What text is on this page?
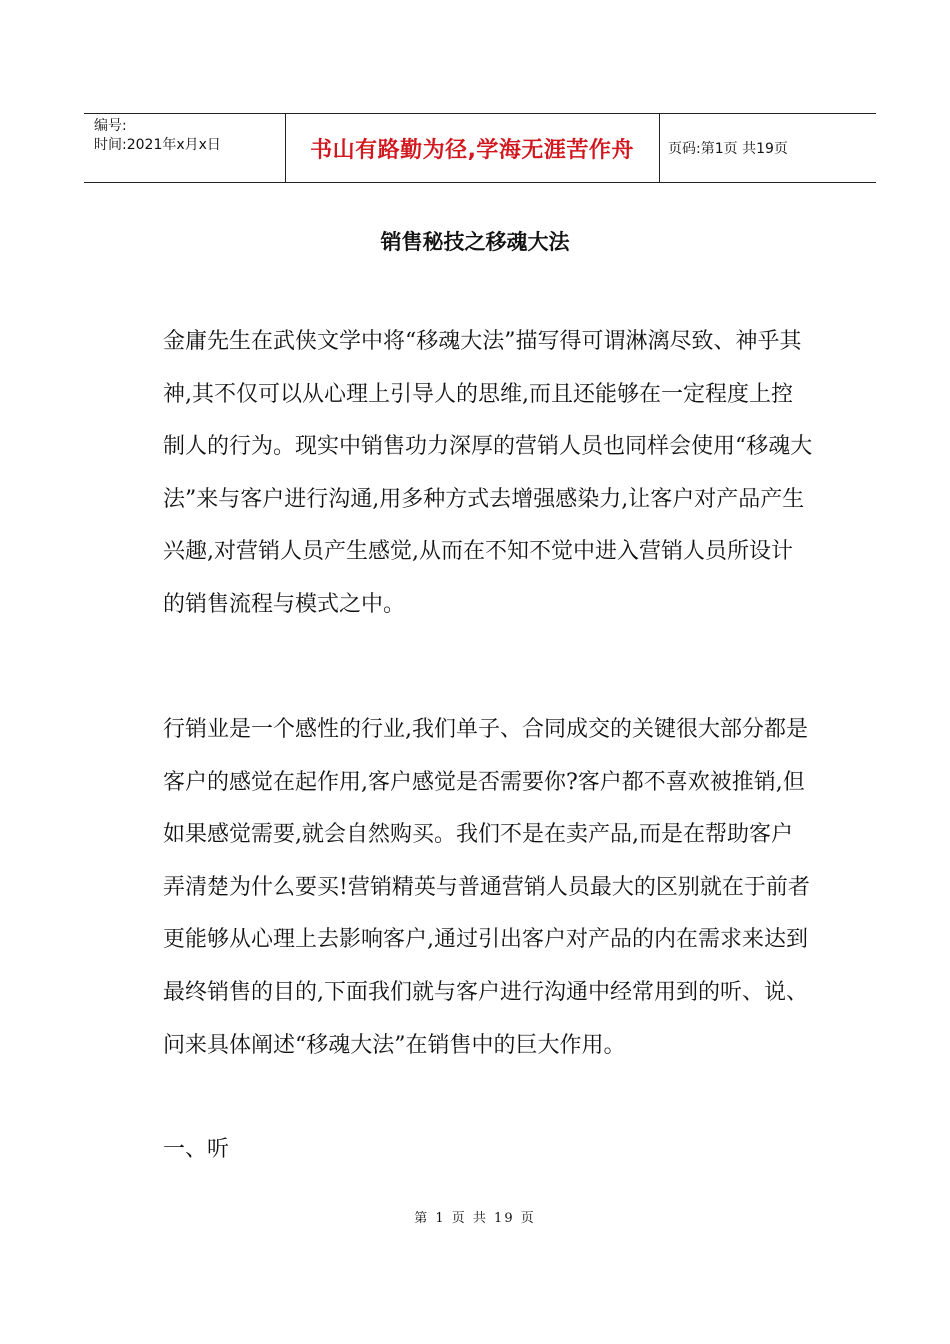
编号:
时间:2021年x月x日	书山有路勤为径,学海无涯苦作舟	页码:第1页 共19页
销售秘技之移魂大法

金庸先生在武侠文学中将“移魂大法”描写得可谓淋漓尽致、神乎其神,其不仅可以从心理上引导人的思维,而且还能够在一定程度上控制人的行为。现实中销售功力深厚的营销人员也同样会使用“移魂大法”来与客户进行沟通,用多种方式去增强感染力,让客户对产品产生兴趣,对营销人员产生感觉,从而在不知不觉中进入营销人员所设计的销售流程与模式之中。

行销业是一个感性的行业,我们单子、合同成交的关键很大部分都是客户的感觉在起作用,客户感觉是否需要你?客户都不喜欢被推销,但如果感觉需要,就会自然购买。我们不是在卖产品,而是在帮助客户弄清楚为什么要买!营销精英与普通营销人员最大的区别就在于前者更能够从心理上去影响客户,通过引出客户对产品的内在需求来达到最终销售的目的,下面我们就与客户进行沟通中经常用到的听、说、问来具体阐述“移魂大法”在销售中的巨大作用。

一、听
第 1 页 共 19 页
